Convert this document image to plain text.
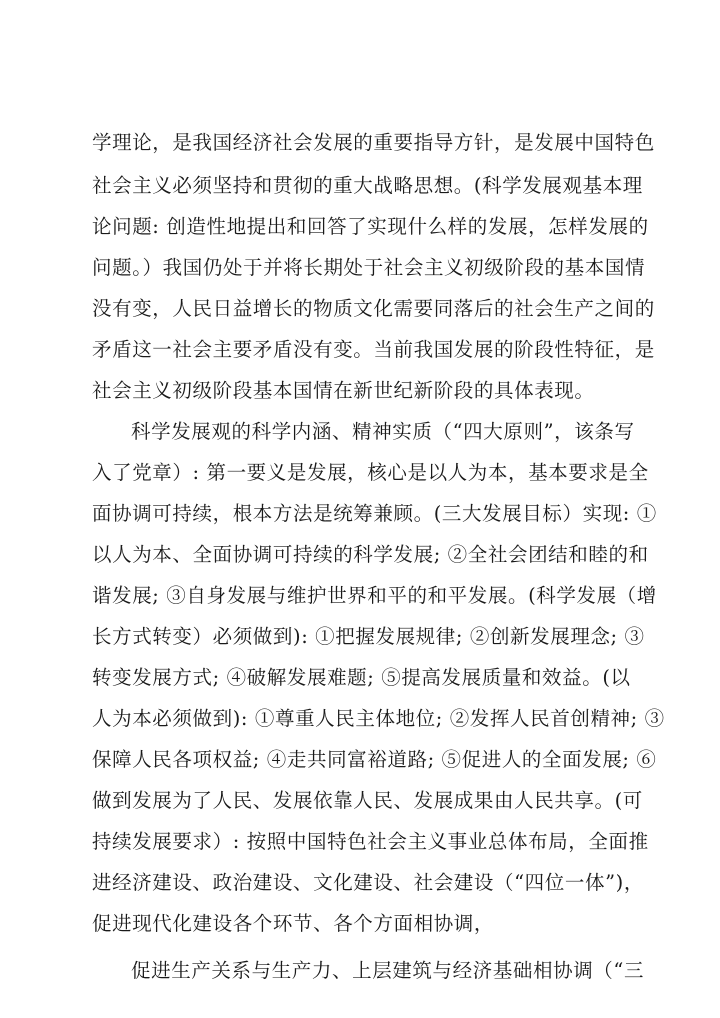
学理论，是我国经济社会发展的重要指导方针，是发展中国特色
社会主义必须坚持和贯彻的重大战略思想。(科学发展观基本理
论问题: 创造性地提出和回答了实现什么样的发展，怎样发展的
问题。）我国仍处于并将长期处于社会主义初级阶段的基本国情
没有变，人民日益增长的物质文化需要同落后的社会生产之间的
矛盾这一社会主要矛盾没有变。当前我国发展的阶段性特征，是
社会主义初级阶段基本国情在新世纪新阶段的具体表现。
科学发展观的科学内涵、精神实质（“四大原则”，该条写
入了党章）: 第一要义是发展，核心是以人为本，基本要求是全
面协调可持续，根本方法是统筹兼顾。(三大发展目标）实现: ①
以人为本、全面协调可持续的科学发展; ②全社会团结和睦的和
谐发展; ③自身发展与维护世界和平的和平发展。(科学发展（增
长方式转变）必须做到): ①把握发展规律; ②创新发展理念; ③
转变发展方式; ④破解发展难题; ⑤提高发展质量和效益。(以
人为本必须做到): ①尊重人民主体地位; ②发挥人民首创精神; ③
保障人民各项权益; ④走共同富裕道路; ⑤促进人的全面发展; ⑥
做到发展为了人民、发展依靠人民、发展成果由人民共享。(可
持续发展要求）: 按照中国特色社会主义事业总体布局，全面推
进经济建设、政治建设、文化建设、社会建设（“四位一体”)，
促进现代化建设各个环节、各个方面相协调，
促进生产关系与生产力、上层建筑与经济基础相协调（“三
